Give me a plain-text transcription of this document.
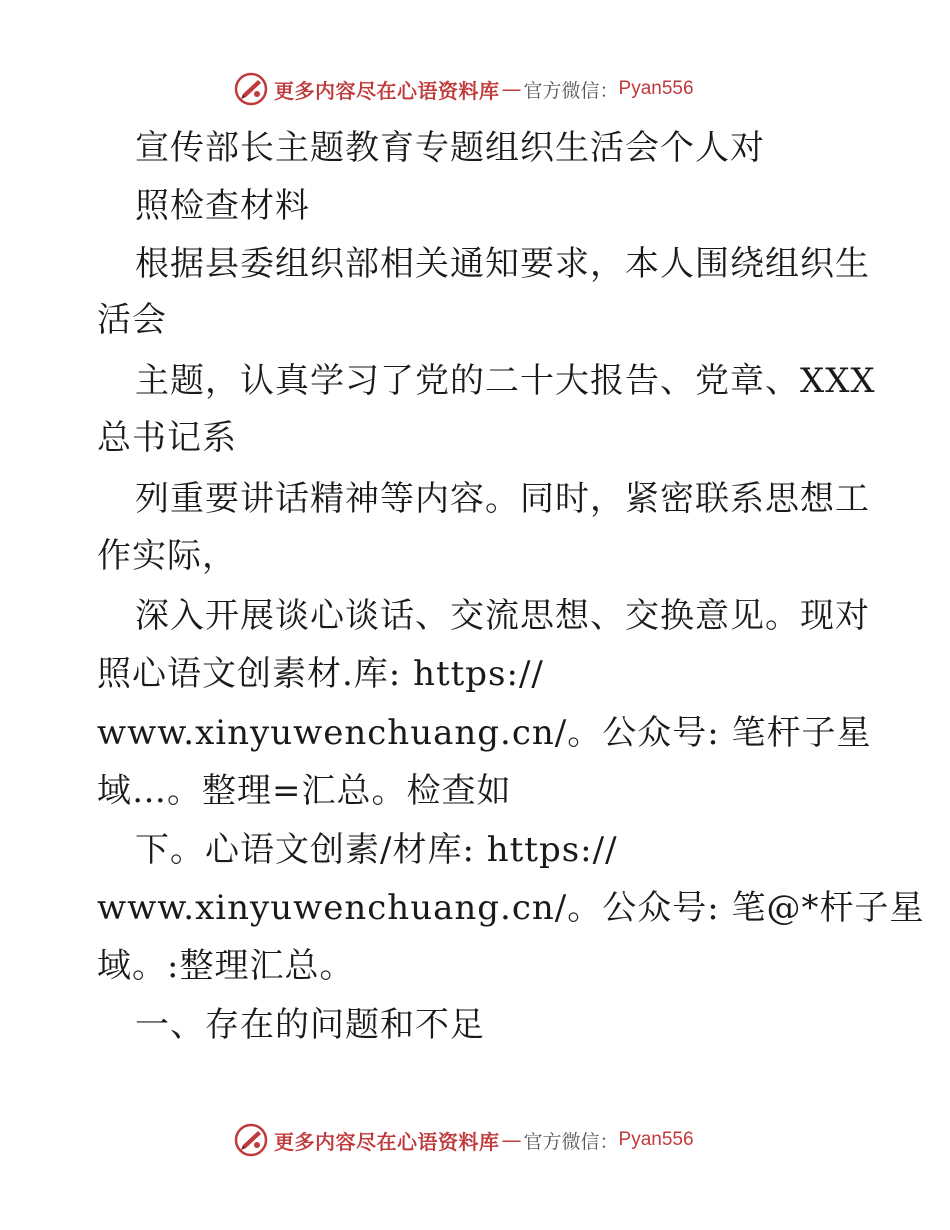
更多内容尽在心语资料库 — 官方微信： Pyan556
宣传部长主题教育专题组织生活会个人对
照检查材料
根据县委组织部相关通知要求，本人围绕组织生
活会
主题，认真学习了党的二十大报告、党章、XXX
总书记系
列重要讲话精神等内容。同时，紧密联系思想工
作实际，
深入开展谈心谈话、交流思想、交换意见。现对
照心语文创素材.库: https://
www.xinyuwenchuang.cn/。公众号: 笔杆子星
域…。整理=汇总。检查如
下。心语文创素/材库: https://
www.xinyuwenchuang.cn/。公众号: 笔@*杆子星
域。:整理汇总。
一、存在的问题和不足
更多内容尽在心语资料库 — 官方微信： Pyan556
